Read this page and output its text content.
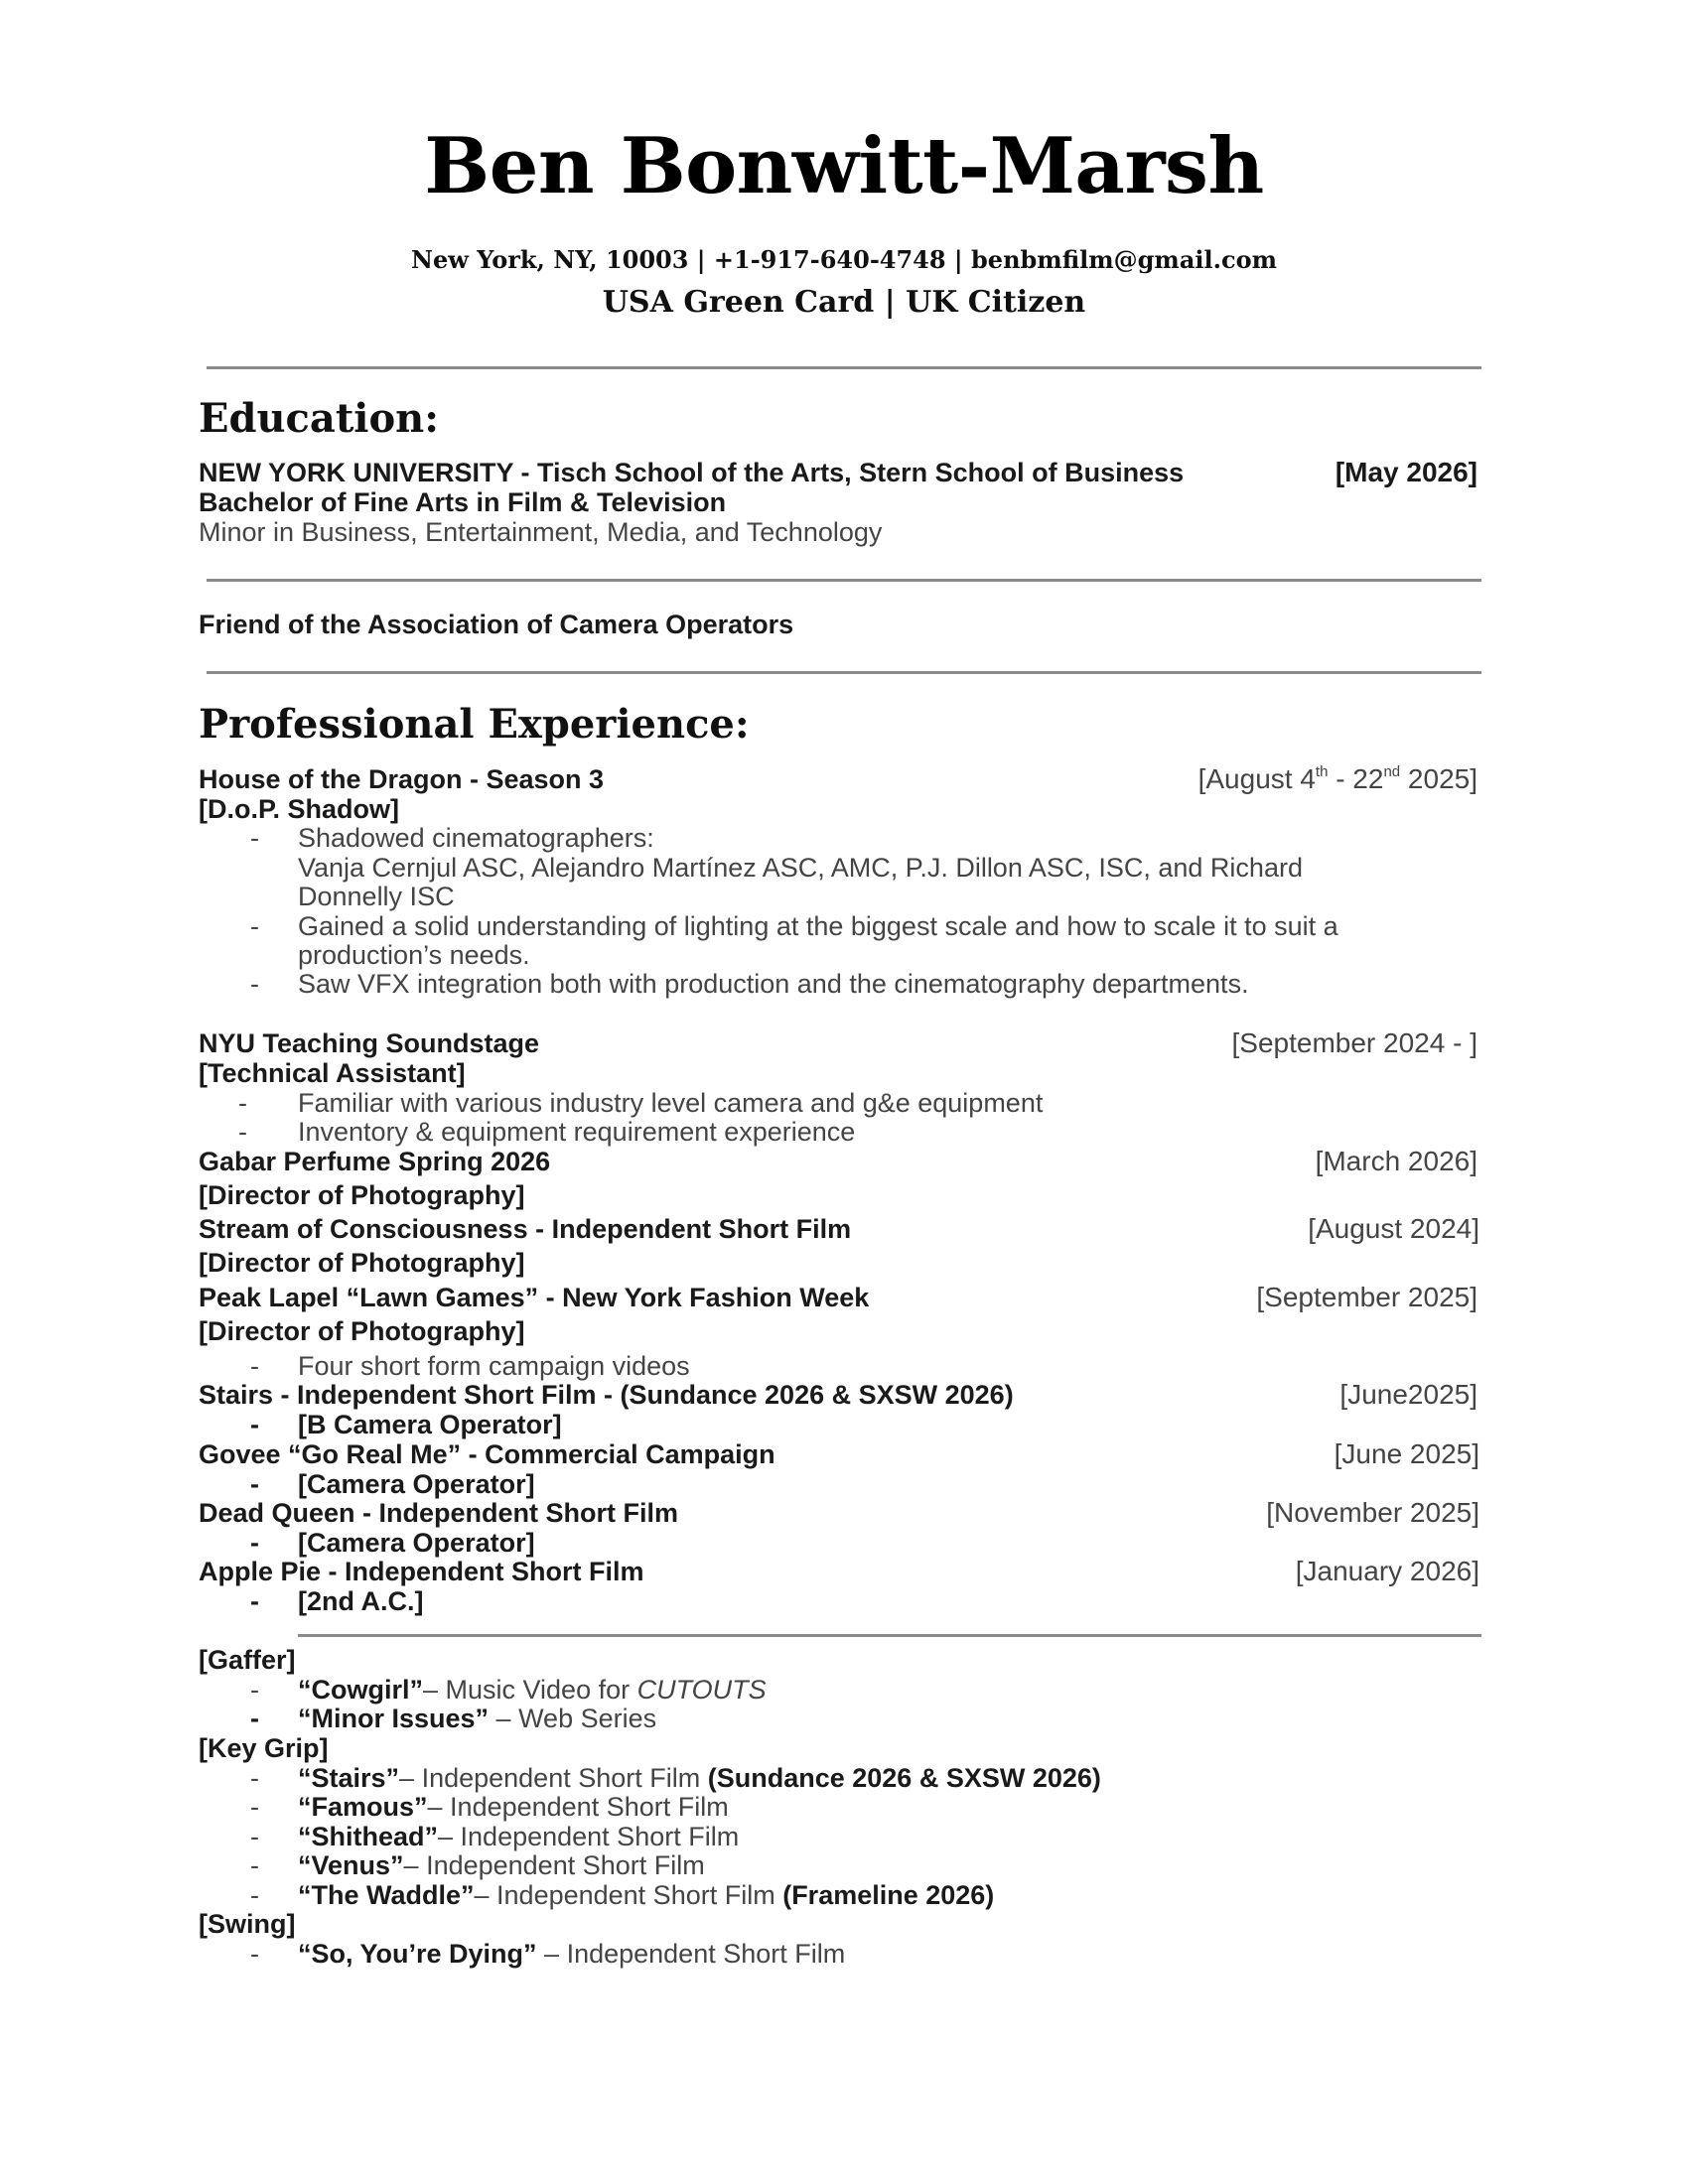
Ben Bonwitt-Marsh
New York, NY, 10003 | +1-917-640-4748 | benbmfilm@gmail.com
USA Green Card | UK Citizen
Education:
NEW YORK UNIVERSITY - Tisch School of the Arts, Stern School of Business	[May 2026]
Bachelor of Fine Arts in Film & Television
Minor in Business, Entertainment, Media, and Technology
Friend of the Association of Camera Operators
Professional Experience:
House of the Dragon - Season 3	[August 4th - 22nd 2025]
[D.o.P. Shadow]
- Shadowed cinematographers:
Vanja Cernjul ASC, Alejandro Martínez ASC, AMC, P.J. Dillon ASC, ISC, and Richard
Donnelly ISC
- Gained a solid understanding of lighting at the biggest scale and how to scale it to suit a
production’s needs.
- Saw VFX integration both with production and the cinematography departments.
NYU Teaching Soundstage	[September 2024 - ]
[Technical Assistant]
- Familiar with various industry level camera and g&e equipment
- Inventory & equipment requirement experience
Gabar Perfume Spring 2026	[March 2026]
[Director of Photography]
Stream of Consciousness - Independent Short Film	[August 2024]
[Director of Photography]
Peak Lapel “Lawn Games” - New York Fashion Week	[September 2025]
[Director of Photography]
- Four short form campaign videos
Stairs - Independent Short Film - (Sundance 2026 & SXSW 2026)	[June2025]
- [B Camera Operator]
Govee “Go Real Me” - Commercial Campaign	[June 2025]
- [Camera Operator]
Dead Queen - Independent Short Film	[November 2025]
- [Camera Operator]
Apple Pie - Independent Short Film	[January 2026]
- [2nd A.C.]
[Gaffer]
- “Cowgirl”– Music Video for CUTOUTS
- “Minor Issues” – Web Series
[Key Grip]
- “Stairs”– Independent Short Film (Sundance 2026 & SXSW 2026)
- “Famous”– Independent Short Film
- “Shithead”– Independent Short Film
- “Venus”– Independent Short Film
- “The Waddle”– Independent Short Film (Frameline 2026)
[Swing]
- “So, You’re Dying” – Independent Short Film
